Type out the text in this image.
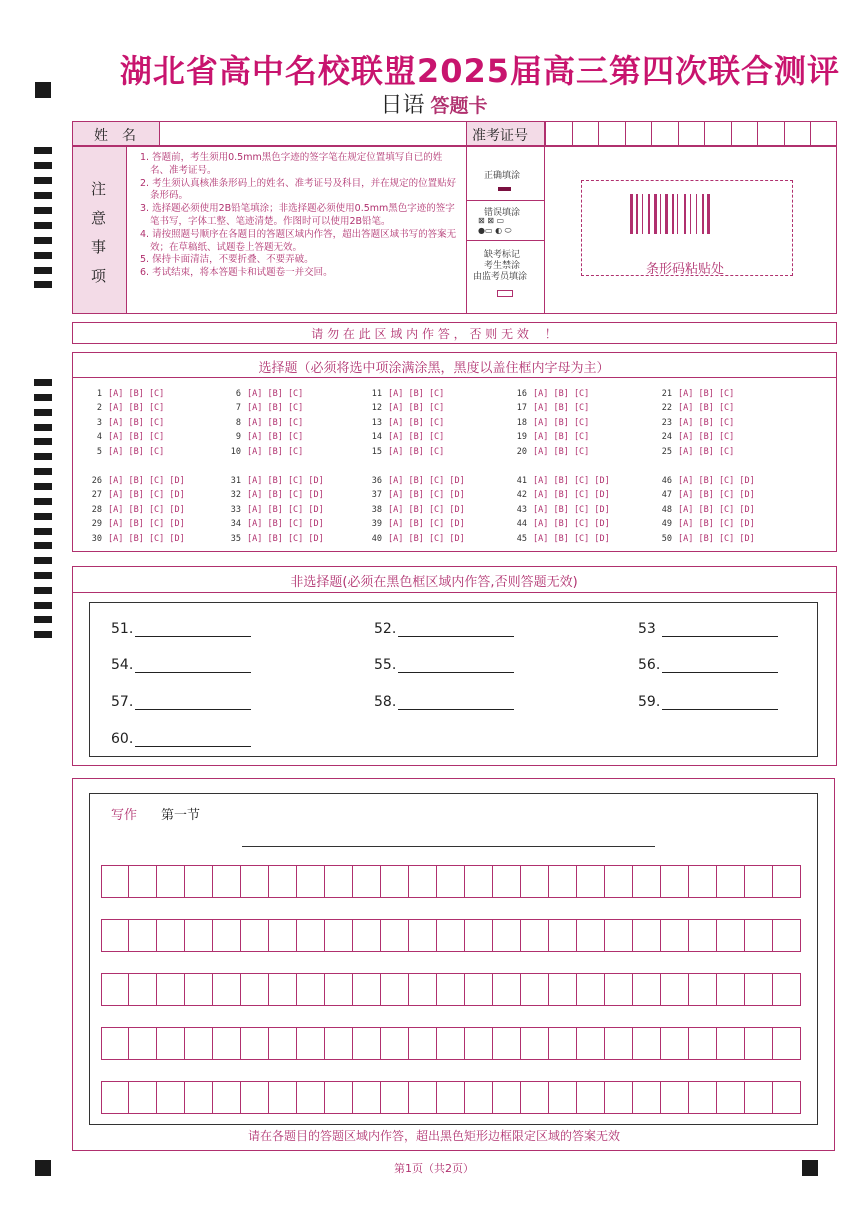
湖北省高中名校联盟2025届高三第四次联合测评
日语 答题卡
姓　名	准考证号
注
意
事
项
1. 答题前，考生须用0.5mm黑色字迹的签字笔在规定位置填写自已的姓名、准考证号。
2. 考生须认真核准条形码上的姓名、准考证号及科目，并在规定的位置贴好条形码。
3. 选择题必须使用2B铅笔填涂；非选择题必须使用0.5mm黑色字迹的签字笔书写，字体工整、笔迹清楚。作图时可以使用2B铅笔。
4. 请按照题号顺序在各题目的答题区域内作答，超出答题区域书写的答案无效；在草稿纸、试题卷上答题无效。
5. 保持卡面清洁，不要折叠、不要弄破。
6. 考试结束，将本答题卡和试题卷一并交回。
正确填涂
错误填涂
⊠ ⊠ ▭
●▭ ◐ ⬭
缺考标记
考生禁涂
由监考员填涂	条形码粘贴处
请 勿 在 此 区 域 内 作 答 ， 否 则 无 效 　！
选择题（必须将选中项涂满涂黑，黑度以盖住框内字母为主）
1 [A] [B] [C]
2 [A] [B] [C]
3 [A] [B] [C]
4 [A] [B] [C]
5 [A] [B] [C]
6 [A] [B] [C]
7 [A] [B] [C]
8 [A] [B] [C]
9 [A] [B] [C]
10 [A] [B] [C]
11 [A] [B] [C]
12 [A] [B] [C]
13 [A] [B] [C]
14 [A] [B] [C]
15 [A] [B] [C]
16 [A] [B] [C]
17 [A] [B] [C]
18 [A] [B] [C]
19 [A] [B] [C]
20 [A] [B] [C]
21 [A] [B] [C]
22 [A] [B] [C]
23 [A] [B] [C]
24 [A] [B] [C]
25 [A] [B] [C]
26 [A] [B] [C] [D]
27 [A] [B] [C] [D]
28 [A] [B] [C] [D]
29 [A] [B] [C] [D]
30 [A] [B] [C] [D]
31 [A] [B] [C] [D]
32 [A] [B] [C] [D]
33 [A] [B] [C] [D]
34 [A] [B] [C] [D]
35 [A] [B] [C] [D]
36 [A] [B] [C] [D]
37 [A] [B] [C] [D]
38 [A] [B] [C] [D]
39 [A] [B] [C] [D]
40 [A] [B] [C] [D]
41 [A] [B] [C] [D]
42 [A] [B] [C] [D]
43 [A] [B] [C] [D]
44 [A] [B] [C] [D]
45 [A] [B] [C] [D]
46 [A] [B] [C] [D]
47 [A] [B] [C] [D]
48 [A] [B] [C] [D]
49 [A] [B] [C] [D]
50 [A] [B] [C] [D]
非选择题(必须在黑色框区域内作答,否则答题无效)
51.	52.	53
54.	55.	56.
57.	58.	59.
60.
写作 第一节
请在各题目的答题区域内作答，超出黑色矩形边框限定区域的答案无效
第1页（共2页）
